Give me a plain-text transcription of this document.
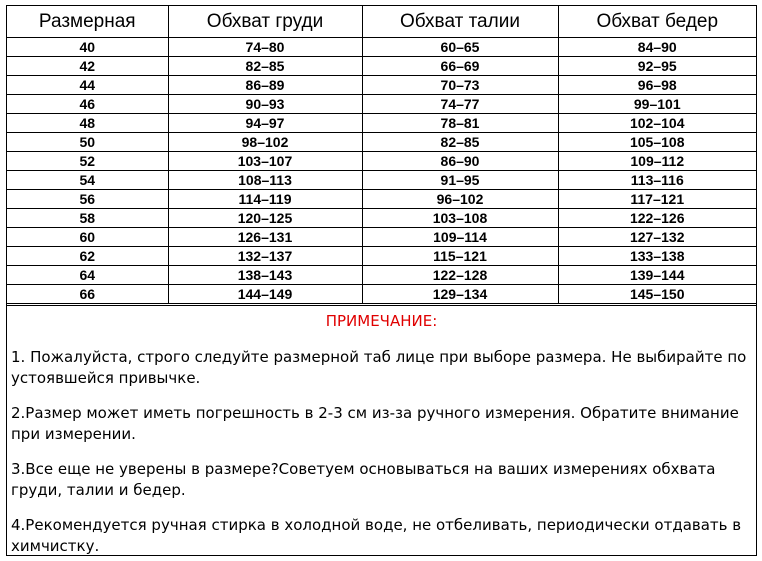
Размерная	Обхват груди	Обхват талии	Обхват бедер
40	74–80	60–65	84–90
42	82–85	66–69	92–95
44	86–89	70–73	96–98
46	90–93	74–77	99–101
48	94–97	78–81	102–104
50	98–102	82–85	105–108
52	103–107	86–90	109–112
54	108–113	91–95	113–116
56	114–119	96–102	117–121
58	120–125	103–108	122–126
60	126–131	109–114	127–132
62	132–137	115–121	133–138
64	138–143	122–128	139–144
66	144–149	129–134	145–150
ПРИМЕЧАНИЕ:
1. Пожалуйста, строго следуйте размерной таб лице при выборе размера. Не выбирайте по устоявшейся привычке.
2.Размер может иметь погрешность в 2-3 см из-за ручного измерения. Обратите внимание при измерении.
3.Все еще не уверены в размере?Советуем основываться на ваших измерениях обхвата груди, талии и бедер.
4.Рекомендуется ручная стирка в холодной воде, не отбеливать, периодически отдавать в химчистку.
